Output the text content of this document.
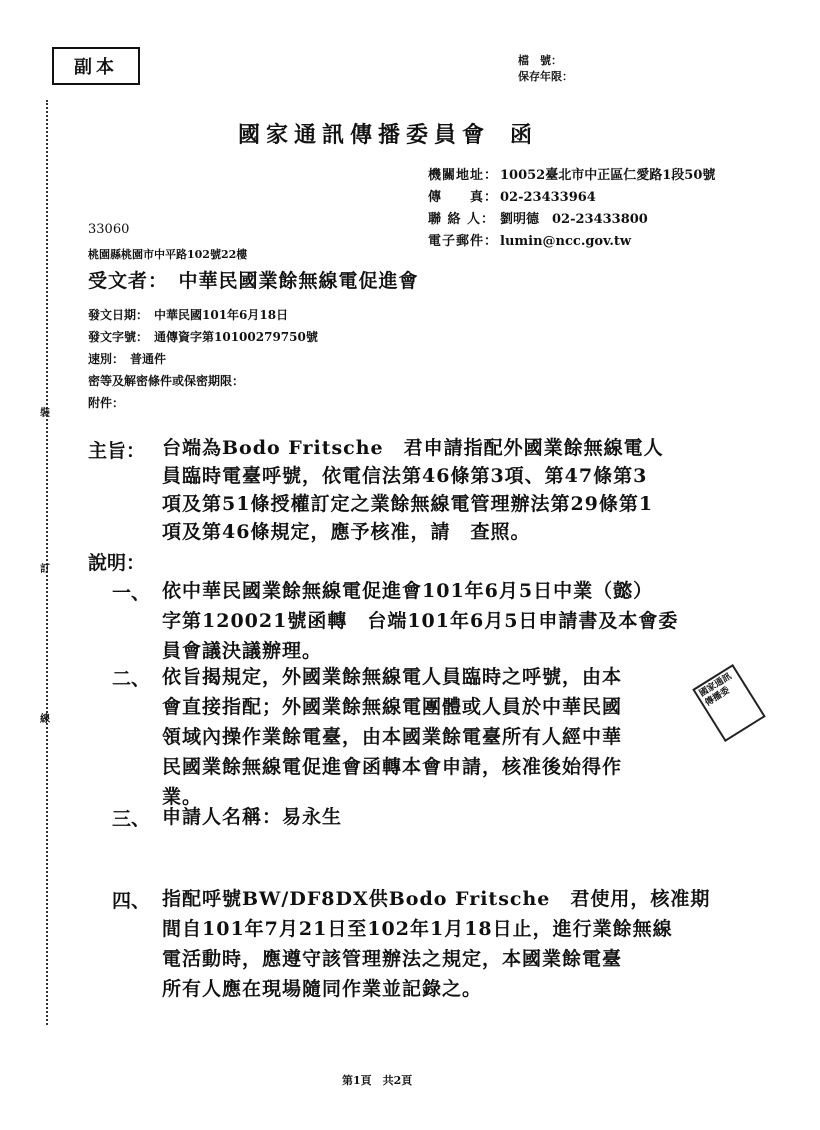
副本	檔　號：
保存年限：
國家通訊傳播委員會 函
機關地址： 10052臺北市中正區仁愛路1段50號
傳　　真： 02-23433964
聯 絡 人： 劉明德　02-23433800
電子郵件： lumin@ncc.gov.tw
33060
桃園縣桃園市中平路102號22樓
受文者：　中華民國業餘無線電促進會
發文日期：　中華民國101年6月18日
發文字號：　通傳資字第10100279750號
速別：　普通件
密等及解密條件或保密期限：
附件：
主旨： 台端為Bodo Fritsche　君申請指配外國業餘無線電人
員臨時電臺呼號，依電信法第46條第3項、第47條第3
項及第51條授權訂定之業餘無線電管理辦法第29條第1
項及第46條規定，應予核准，請　查照。
說明：
一、 依中華民國業餘無線電促進會101年6月5日中業（懿）
字第120021號函轉　台端101年6月5日申請書及本會委
員會議決議辦理。
二、 依旨揭規定，外國業餘無線電人員臨時之呼號，由本
會直接指配；外國業餘無線電團體或人員於中華民國
領域內操作業餘電臺，由本國業餘電臺所有人經中華
民國業餘無線電促進會函轉本會申請，核准後始得作
業。
三、 申請人名稱：易永生
四、 指配呼號BW/DF8DX供Bodo Fritsche　君使用，核准期
間自101年7月21日至102年1月18日止，進行業餘無線
電活動時，應遵守該管理辦法之規定，本國業餘電臺
所有人應在現場隨同作業並記錄之。
國家通訊傳播委
裝
訂
線
第1頁　共2頁
